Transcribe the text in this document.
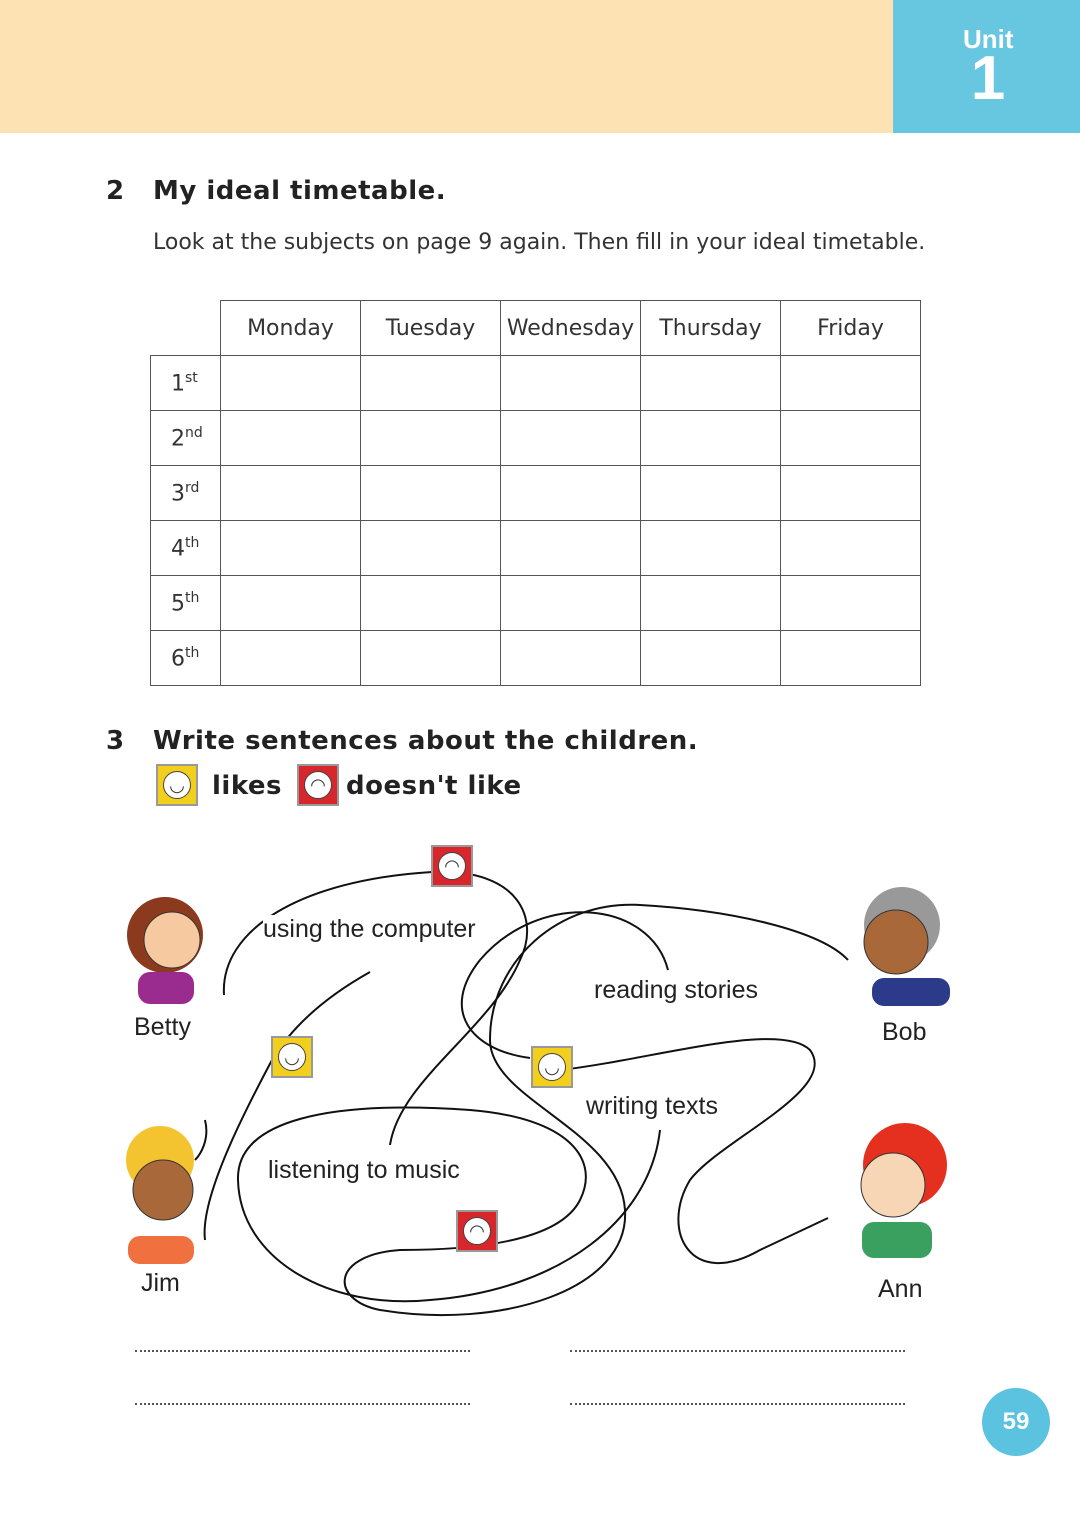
Unit
1
2 My ideal timetable.
Look at the subjects on page 9 again. Then fill in your ideal timetable.
	Monday	Tuesday	Wednesday	Thursday	Friday
1st					
2nd					
3rd					
4th					
5th					
6th					
3 Write sentences about the children.
◡ likes	◠ doesn't like
◠
◡	◡
◠
using the computer
reading stories
writing texts
listening to music
Betty	Bob
Jim	Ann
59
